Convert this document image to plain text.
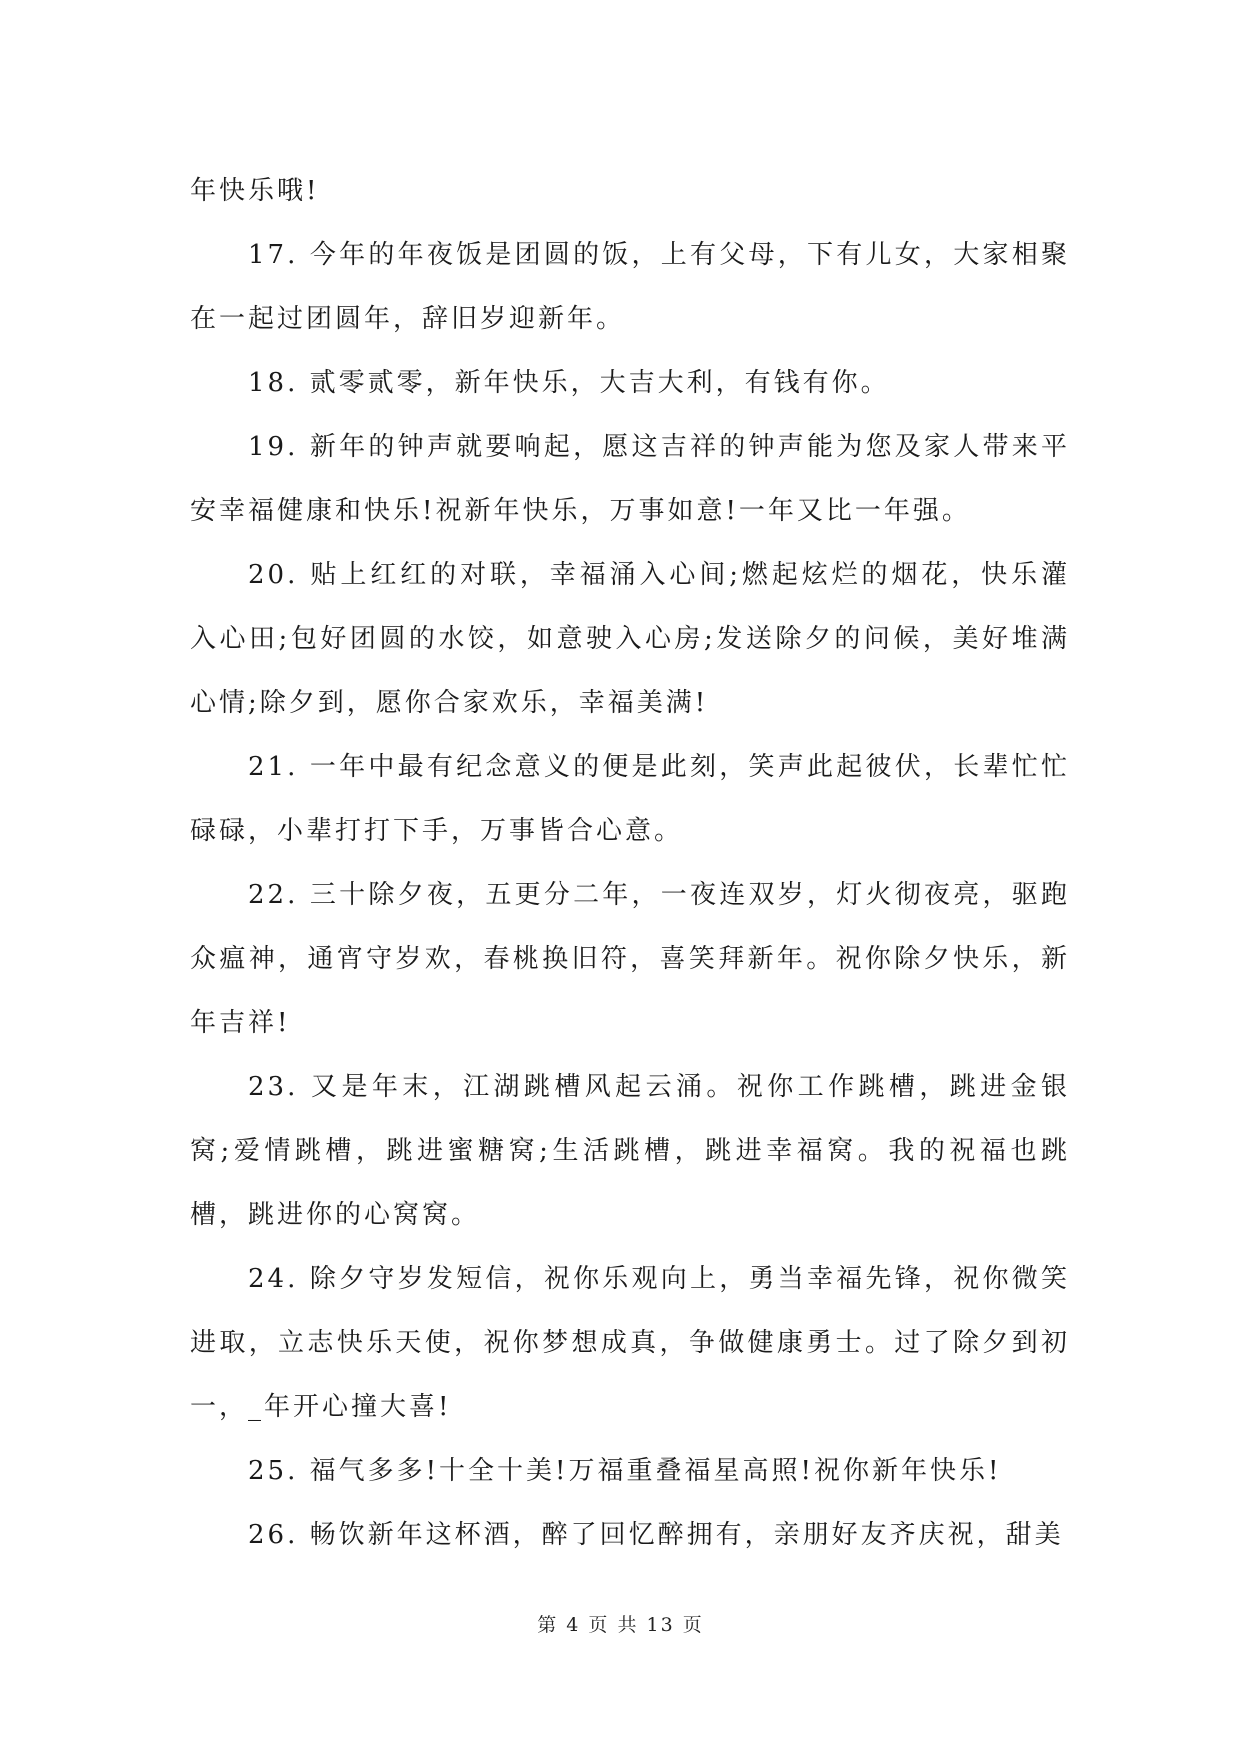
年快乐哦!

17. 今年的年夜饭是团圆的饭，上有父母，下有儿女，大家相聚在一起过团圆年，辞旧岁迎新年。

18. 贰零贰零，新年快乐，大吉大利，有钱有你。

19. 新年的钟声就要响起，愿这吉祥的钟声能为您及家人带来平安幸福健康和快乐!祝新年快乐，万事如意!一年又比一年强。

20. 贴上红红的对联，幸福涌入心间;燃起炫烂的烟花，快乐灌入心田;包好团圆的水饺，如意驶入心房;发送除夕的问候，美好堆满心情;除夕到，愿你合家欢乐，幸福美满!

21. 一年中最有纪念意义的便是此刻，笑声此起彼伏，长辈忙忙碌碌，小辈打打下手，万事皆合心意。

22. 三十除夕夜，五更分二年，一夜连双岁，灯火彻夜亮，驱跑众瘟神，通宵守岁欢，春桃换旧符，喜笑拜新年。祝你除夕快乐，新年吉祥!

23. 又是年末，江湖跳槽风起云涌。祝你工作跳槽，跳进金银窝;爱情跳槽，跳进蜜糖窝;生活跳槽，跳进幸福窝。我的祝福也跳槽，跳进你的心窝窝。

24. 除夕守岁发短信，祝你乐观向上，勇当幸福先锋，祝你微笑进取，立志快乐天使，祝你梦想成真，争做健康勇士。过了除夕到初一，_年开心撞大喜!

25. 福气多多!十全十美!万福重叠福星高照!祝你新年快乐!

26. 畅饮新年这杯酒，醉了回忆醉拥有，亲朋好友齐庆祝，甜美

第 4 页 共 13 页
